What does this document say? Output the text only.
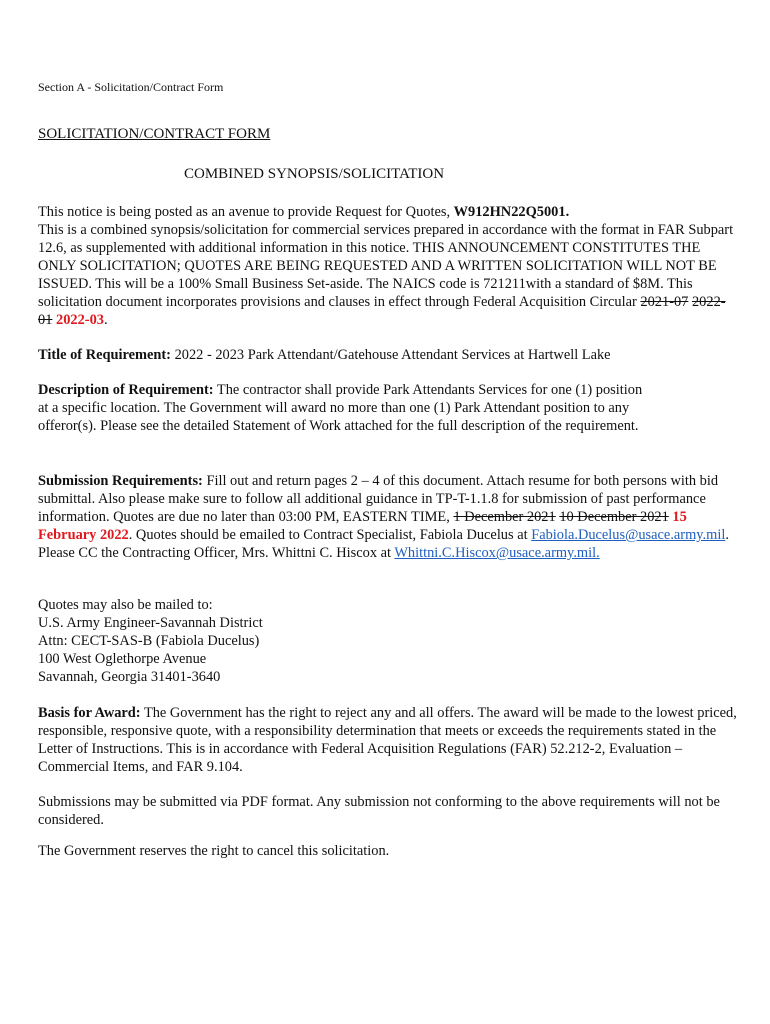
Section A - Solicitation/Contract Form
SOLICITATION/CONTRACT FORM
COMBINED SYNOPSIS/SOLICITATION
This notice is being posted as an avenue to provide Request for Quotes, W912HN22Q5001.
This is a combined synopsis/solicitation for commercial services prepared in accordance with the format in FAR Subpart 12.6, as supplemented with additional information in this notice. THIS ANNOUNCEMENT CONSTITUTES THE ONLY SOLICITATION; QUOTES ARE BEING REQUESTED AND A WRITTEN SOLICITATION WILL NOT BE ISSUED. This will be a 100% Small Business Set-aside. The NAICS code is 721211with a standard of $8M. This solicitation document incorporates provisions and clauses in effect through Federal Acquisition Circular 2021-07 2022-01 2022-03.
Title of Requirement: 2022 - 2023 Park Attendant/Gatehouse Attendant Services at Hartwell Lake
Description of Requirement: The contractor shall provide Park Attendants Services for one (1) position at a specific location. The Government will award no more than one (1) Park Attendant position to any offeror(s). Please see the detailed Statement of Work attached for the full description of the requirement.
Submission Requirements: Fill out and return pages 2 – 4 of this document. Attach resume for both persons with bid submittal. Also please make sure to follow all additional guidance in TP-T-1.1.8 for submission of past performance information. Quotes are due no later than 03:00 PM, EASTERN TIME, 1 December 2021 10 December 2021 15 February 2022. Quotes should be emailed to Contract Specialist, Fabiola Ducelus at Fabiola.Ducelus@usace.army.mil. Please CC the Contracting Officer, Mrs. Whittni C. Hiscox at Whittni.C.Hiscox@usace.army.mil.
Quotes may also be mailed to:
U.S. Army Engineer-Savannah District
Attn: CECT-SAS-B (Fabiola Ducelus)
100 West Oglethorpe Avenue
Savannah, Georgia 31401-3640
Basis for Award: The Government has the right to reject any and all offers. The award will be made to the lowest priced, responsible, responsive quote, with a responsibility determination that meets or exceeds the requirements stated in the Letter of Instructions. This is in accordance with Federal Acquisition Regulations (FAR) 52.212-2, Evaluation – Commercial Items, and FAR 9.104.
Submissions may be submitted via PDF format. Any submission not conforming to the above requirements will not be considered.
The Government reserves the right to cancel this solicitation.
